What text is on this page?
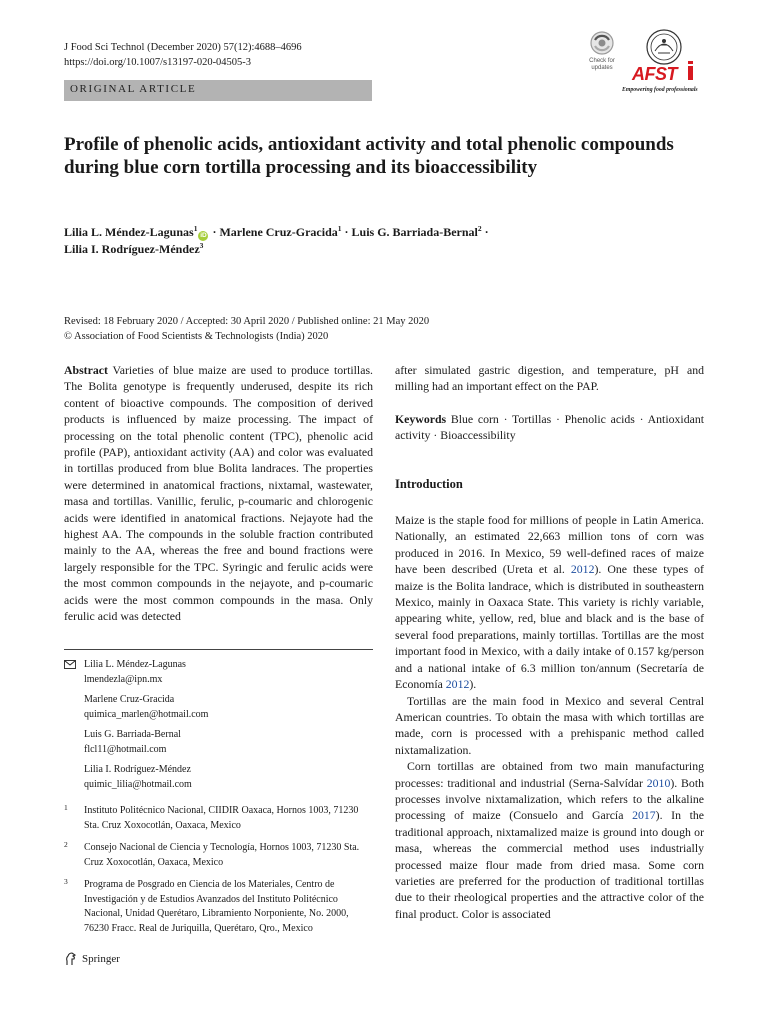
J Food Sci Technol (December 2020) 57(12):4688–4696
https://doi.org/10.1007/s13197-020-04505-3
ORIGINAL ARTICLE
Check for
updates AFST
Empowering food professionals
Profile of phenolic acids, antioxidant activity and total phenolic compounds during blue corn tortilla processing and its bioaccessibility
Lilia L. Méndez-Lagunas$^1$iD · Marlene Cruz-Gracida$^1$ · Luis G. Barriada-Bernal$^2$ ·
Lilia I. Rodríguez-Méndez$^3$
Revised: 18 February 2020 / Accepted: 30 April 2020 / Published online: 21 May 2020
© Association of Food Scientists & Technologists (India) 2020

Abstract Varieties of blue maize are used to produce tortillas. The Bolita genotype is frequently underused, despite its rich content of bioactive compounds. The composition of derived products is influenced by maize processing. The impact of processing on the total phenolic content (TPC), phenolic acid profile (PAP), antioxidant activity (AA) and color was evaluated in tortillas produced from blue Bolita landraces. The properties were determined in anatomical fractions, nixtamal, wastewater, masa and tortillas. Vanillic, ferulic, p-coumaric and chlorogenic acids were identified in anatomical fractions. Nejayote had the highest AA. The compounds in the soluble fraction contributed mainly to the AA, whereas the free and bound fractions were largely responsible for the TPC. Syringic and ferulic acids were the most common compounds in the nejayote, and p-coumaric acids were the most common compounds in the masa. Only ferulic acid was detected

Lilia L. Méndez-Lagunas
lmendezla@ipn.mx
Marlene Cruz-Gracida
quimica_marlen@hotmail.com
Luis G. Barriada-Bernal
flcl11@hotmail.com
Lilia I. Rodríguez-Méndez
quimic_lilia@hotmail.com
1 Instituto Politécnico Nacional, CIIDIR Oaxaca, Hornos 1003, 71230 Sta. Cruz Xoxocotlán, Oaxaca, Mexico
2 Consejo Nacional de Ciencia y Tecnología, Hornos 1003, 71230 Sta. Cruz Xoxocotlán, Oaxaca, Mexico
3 Programa de Posgrado en Ciencia de los Materiales, Centro de Investigación y de Estudios Avanzados del Instituto Politécnico Nacional, Unidad Querétaro, Libramiento Norponiente, No. 2000, 76230 Fracc. Real de Juriquilla, Querétaro, Qro., Mexico

after simulated gastric digestion, and temperature, pH and milling had an important effect on the PAP.

Keywords Blue corn · Tortillas · Phenolic acids · Antioxidant activity · Bioaccessibility

Introduction

Maize is the staple food for millions of people in Latin America. Nationally, an estimated 22,663 million tons of corn was produced in 2016. In Mexico, 59 well-defined races of maize have been described (Ureta et al. 2012). One these types of maize is the Bolita landrace, which is distributed in southeastern Mexico, mainly in Oaxaca State. This variety is richly variable, appearing white, yellow, red, blue and black and is the base of several food preparations, mainly tortillas. Tortillas are the most important food in Mexico, with a daily intake of 0.157 kg/person and a national intake of 6.3 million ton/annum (Secretaría de Economía 2012).

Tortillas are the main food in Mexico and several Central American countries. To obtain the masa with which tortillas are made, corn is processed with a prehispanic method called nixtamalization.

Corn tortillas are obtained from two main manufacturing processes: traditional and industrial (Serna-Salvídar 2010). Both processes involve nixtamalization, which refers to the alkaline processing of maize (Consuelo and García 2017). In the traditional approach, nixtamalized maize is ground into dough or masa, whereas the commercial method uses industrially processed maize flour made from dried masa. Some corn varieties are preferred for the production of traditional tortillas due to their rheological properties and the attractive color of the final product. Color is associated

Springer
